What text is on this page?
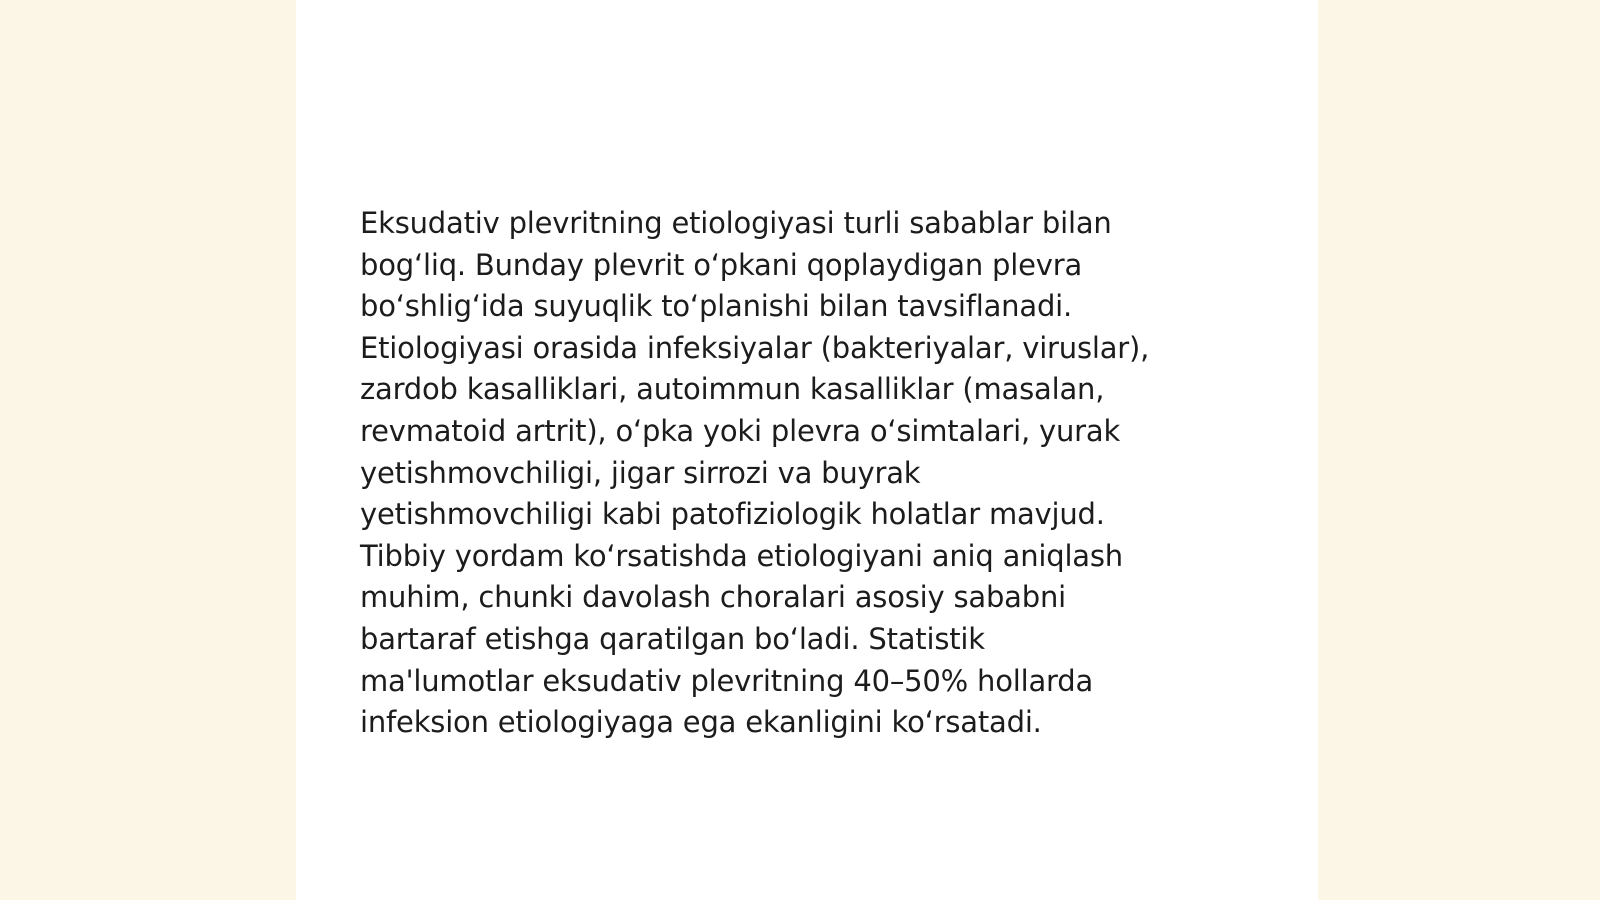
Eksudativ plevritning etiologiyasi turli sabablar bilan
bog‘liq. Bunday plevrit o‘pkani qoplaydigan plevra
bo‘shlig‘ida suyuqlik to‘planishi bilan tavsiflanadi.
Etiologiyasi orasida infeksiyalar (bakteriyalar, viruslar),
zardob kasalliklari, autoimmun kasalliklar (masalan,
revmatoid artrit), o‘pka yoki plevra o‘simtalari, yurak
yetishmovchiligi, jigar sirrozi va buyrak
yetishmovchiligi kabi patofiziologik holatlar mavjud.
Tibbiy yordam ko‘rsatishda etiologiyani aniq aniqlash
muhim, chunki davolash choralari asosiy sababni
bartaraf etishga qaratilgan bo‘ladi. Statistik
ma'lumotlar eksudativ plevritning 40–50% hollarda
infeksion etiologiyaga ega ekanligini ko‘rsatadi.
